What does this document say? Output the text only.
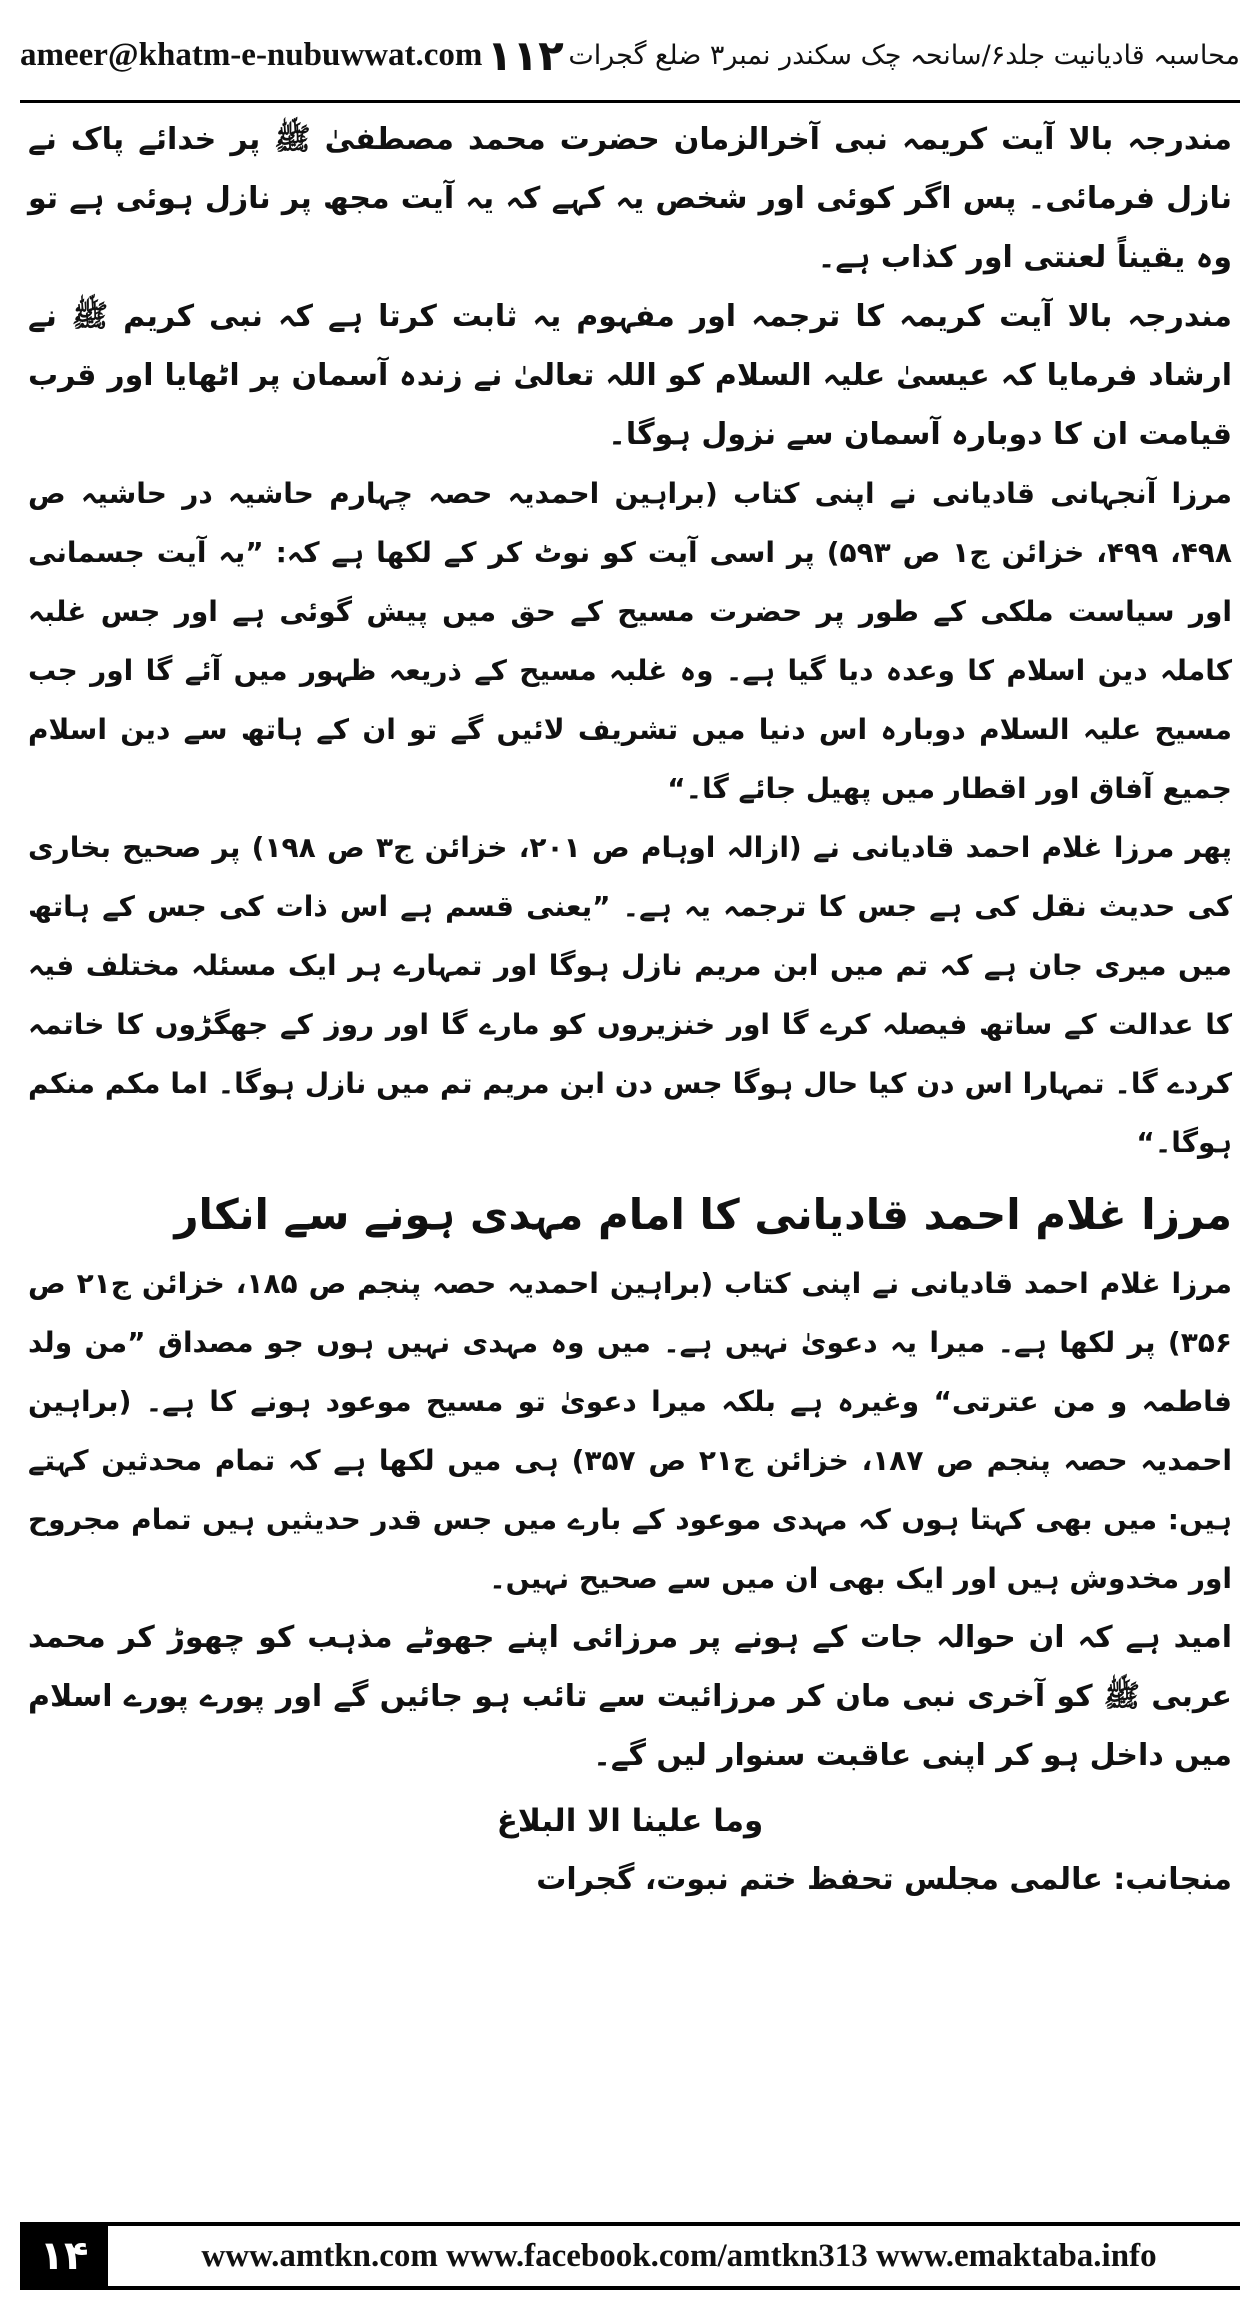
ameer@khatm-e-nubuwwat.com ١١٢ محاسبہ قادیانیت جلد۶/سانحہ چک سکندر نمبر۳ ضلع گجرات

مندرجہ بالا آیت کریمہ نبی آخرالزمان حضرت محمد مصطفیٰ ﷺ پر خدائے پاک نے نازل فرمائی۔ پس اگر کوئی اور شخص یہ کہے کہ یہ آیت مجھ پر نازل ہوئی ہے تو وہ یقیناً لعنتی اور کذاب ہے۔

مندرجہ بالا آیت کریمہ کا ترجمہ اور مفہوم یہ ثابت کرتا ہے کہ نبی کریم ﷺ نے ارشاد فرمایا کہ عیسیٰ علیہ السلام کو اللہ تعالیٰ نے زندہ آسمان پر اٹھایا اور قرب قیامت ان کا دوبارہ آسمان سے نزول ہوگا۔

مرزا آنجہانی قادیانی نے اپنی کتاب (براہین احمدیہ حصہ چہارم حاشیہ در حاشیہ ص ۴۹۸، ۴۹۹، خزائن ج۱ ص ۵۹۳) پر اسی آیت کو نوٹ کر کے لکھا ہے کہ: ”یہ آیت جسمانی اور سیاست ملکی کے طور پر حضرت مسیح کے حق میں پیش گوئی ہے اور جس غلبہ کاملہ دین اسلام کا وعدہ دیا گیا ہے۔ وہ غلبہ مسیح کے ذریعہ ظہور میں آئے گا اور جب مسیح علیہ السلام دوبارہ اس دنیا میں تشریف لائیں گے تو ان کے ہاتھ سے دین اسلام جمیع آفاق اور اقطار میں پھیل جائے گا۔“

پھر مرزا غلام احمد قادیانی نے (ازالہ اوہام ص ۲۰۱، خزائن ج۳ ص ۱۹۸) پر صحیح بخاری کی حدیث نقل کی ہے جس کا ترجمہ یہ ہے۔ ”یعنی قسم ہے اس ذات کی جس کے ہاتھ میں میری جان ہے کہ تم میں ابن مریم نازل ہوگا اور تمہارے ہر ایک مسئلہ مختلف فیہ کا عدالت کے ساتھ فیصلہ کرے گا اور خنزیروں کو مارے گا اور روز کے جھگڑوں کا خاتمہ کردے گا۔ تمہارا اس دن کیا حال ہوگا جس دن ابن مریم تم میں نازل ہوگا۔ اما مکم منکم ہوگا۔“

مرزا غلام احمد قادیانی کا امام مہدی ہونے سے انکار

مرزا غلام احمد قادیانی نے اپنی کتاب (براہین احمدیہ حصہ پنجم ص ۱۸۵، خزائن ج۲۱ ص ۳۵۶) پر لکھا ہے۔ میرا یہ دعویٰ نہیں ہے۔ میں وہ مہدی نہیں ہوں جو مصداق ”من ولد فاطمہ و من عترتی“ وغیرہ ہے بلکہ میرا دعویٰ تو مسیح موعود ہونے کا ہے۔ (براہین احمدیہ حصہ پنجم ص ۱۸۷، خزائن ج۲۱ ص ۳۵۷) ہی میں لکھا ہے کہ تمام محدثین کہتے ہیں: میں بھی کہتا ہوں کہ مہدی موعود کے بارے میں جس قدر حدیثیں ہیں تمام مجروح اور مخدوش ہیں اور ایک بھی ان میں سے صحیح نہیں۔

امید ہے کہ ان حوالہ جات کے ہونے پر مرزائی اپنے جھوٹے مذہب کو چھوڑ کر محمد عربی ﷺ کو آخری نبی مان کر مرزائیت سے تائب ہو جائیں گے اور پورے پورے اسلام میں داخل ہو کر اپنی عاقبت سنوار لیں گے۔

وما علینا الا البلاغ

منجانب: عالمی مجلس تحفظ ختم نبوت، گجرات

۱۴	www.amtkn.com www.facebook.com/amtkn313 www.emaktaba.info
